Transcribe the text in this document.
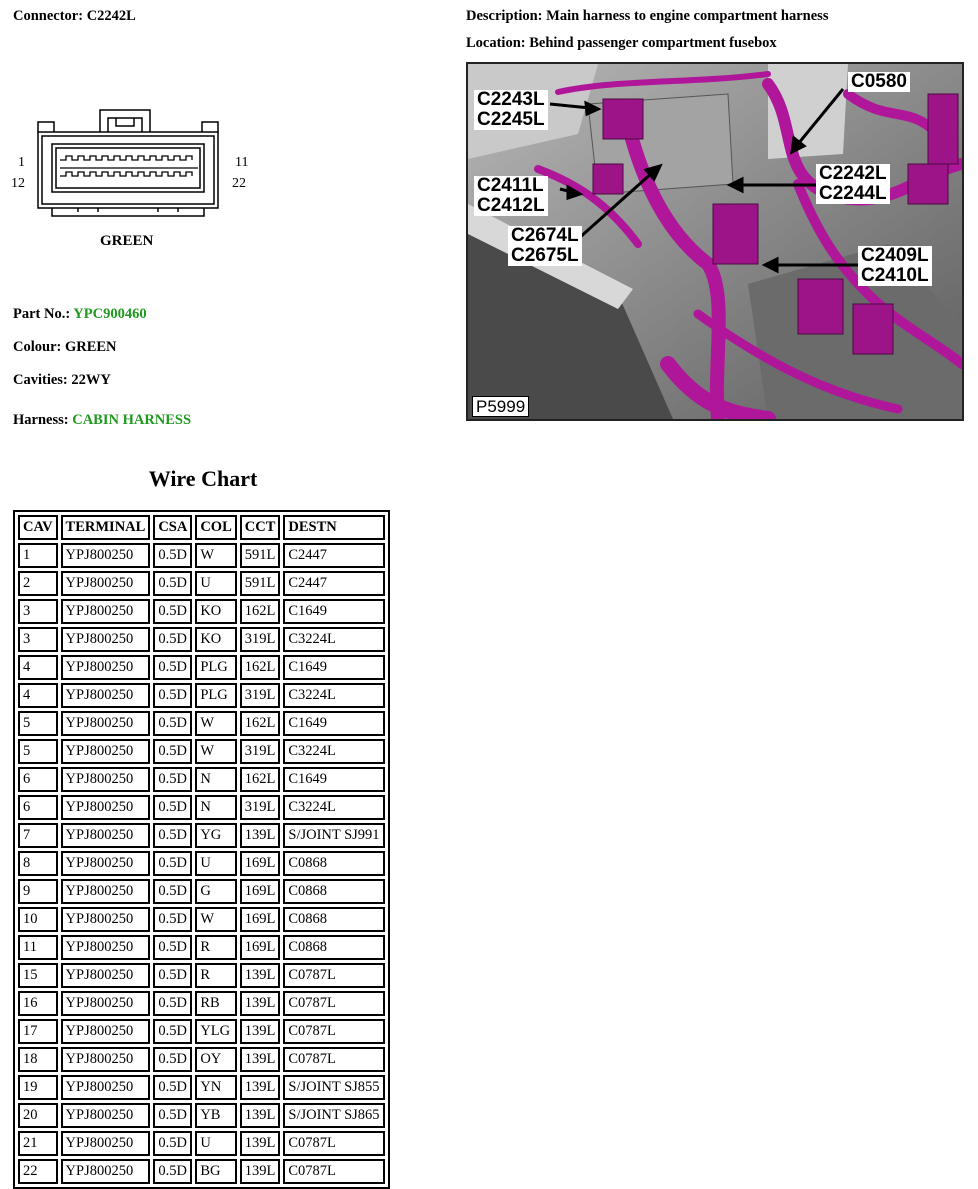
Connector: C2242L	Description: Main harness to engine compartment harness
Location: Behind passenger compartment fusebox
1
12
11
22
GREEN
Part No.: YPC900460
Colour: GREEN
Cavities: 22WY
Harness: CABIN HARNESS
C2243L
C2245L
C0580
C2411L
C2412L
C2242L
C2244L
C2674L
C2675L	C2409L
C2410L
P5999
Wire Chart
CAV	TERMINAL	CSA	COL	CCT	DESTN
1	YPJ800250	0.5D	W	591L	C2447
2	YPJ800250	0.5D	U	591L	C2447
3	YPJ800250	0.5D	KO	162L	C1649
3	YPJ800250	0.5D	KO	319L	C3224L
4	YPJ800250	0.5D	PLG	162L	C1649
4	YPJ800250	0.5D	PLG	319L	C3224L
5	YPJ800250	0.5D	W	162L	C1649
5	YPJ800250	0.5D	W	319L	C3224L
6	YPJ800250	0.5D	N	162L	C1649
6	YPJ800250	0.5D	N	319L	C3224L
7	YPJ800250	0.5D	YG	139L	S/JOINT SJ991
8	YPJ800250	0.5D	U	169L	C0868
9	YPJ800250	0.5D	G	169L	C0868
10	YPJ800250	0.5D	W	169L	C0868
11	YPJ800250	0.5D	R	169L	C0868
15	YPJ800250	0.5D	R	139L	C0787L
16	YPJ800250	0.5D	RB	139L	C0787L
17	YPJ800250	0.5D	YLG	139L	C0787L
18	YPJ800250	0.5D	OY	139L	C0787L
19	YPJ800250	0.5D	YN	139L	S/JOINT SJ855
20	YPJ800250	0.5D	YB	139L	S/JOINT SJ865
21	YPJ800250	0.5D	U	139L	C0787L
22	YPJ800250	0.5D	BG	139L	C0787L
